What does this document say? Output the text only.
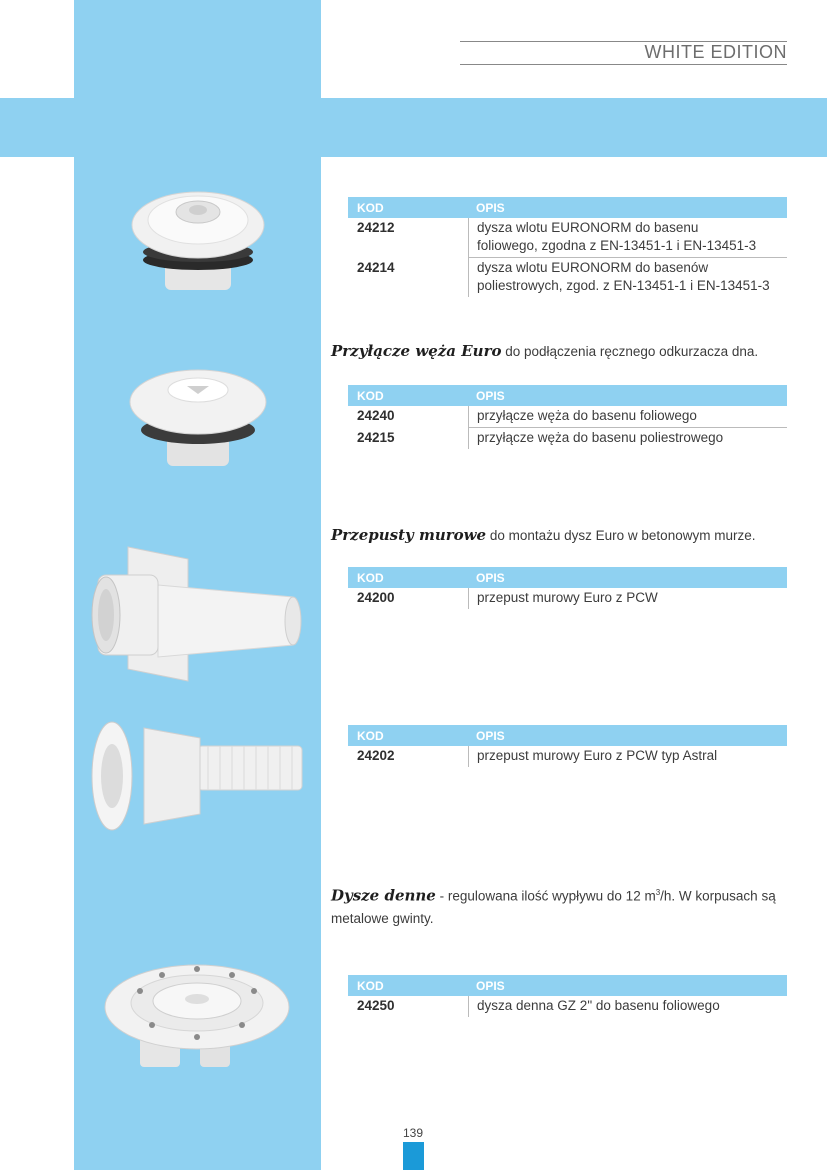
WHITE EDITION
KOD	OPIS
24212	dysza wlotu EURONORM do basenu
foliowego, zgodna z EN-13451-1 i EN-13451-3
24214	dysza wlotu EURONORM do basenów
poliestrowych, zgod. z EN-13451-1 i EN-13451-3
Przyłącze węża Euro do podłączenia ręcznego odkurzacza dna.
KOD	OPIS
24240	przyłącze węża do basenu foliowego
24215	przyłącze węża do basenu poliestrowego
Przepusty murowe do montażu dysz Euro w betonowym murze.
KOD	OPIS
24200	przepust murowy Euro z PCW
KOD	OPIS
24202	przepust murowy Euro z PCW typ Astral
Dysze denne - regulowana ilość wypływu do 12 $m^3/h$. W korpusach są metalowe gwinty.
KOD	OPIS
24250	dysza denna GZ 2" do basenu foliowego
139
